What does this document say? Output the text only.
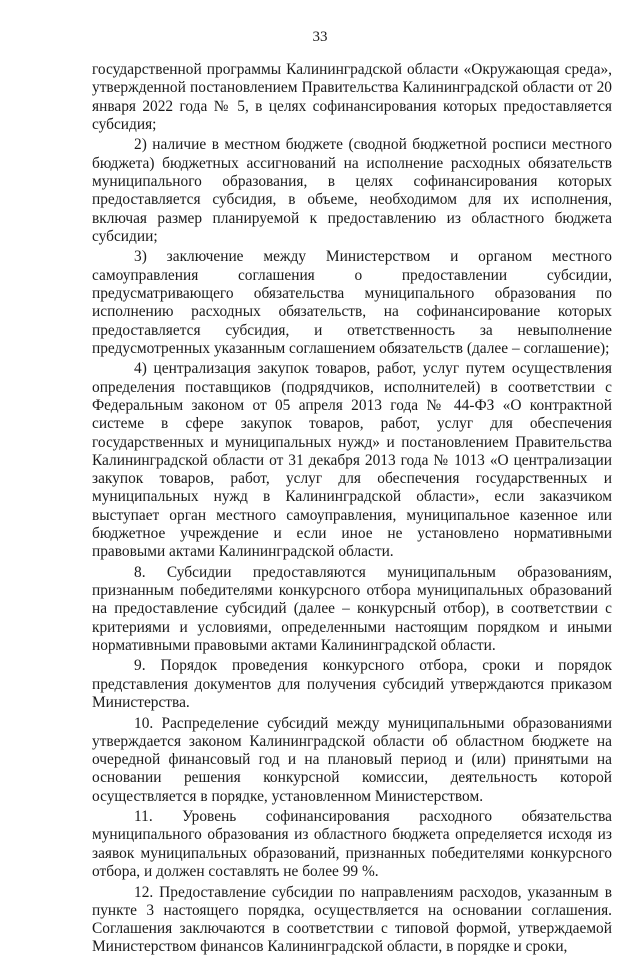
33

государственной программы Калининградской области «Окружающая среда», утвержденной постановлением Правительства Калининградской области от 20 января 2022 года № 5, в целях софинансирования которых предоставляется субсидия;

2) наличие в местном бюджете (сводной бюджетной росписи местного бюджета) бюджетных ассигнований на исполнение расходных обязательств муниципального образования, в целях софинансирования которых предоставляется субсидия, в объеме, необходимом для их исполнения, включая размер планируемой к предоставлению из областного бюджета субсидии;

3) заключение между Министерством и органом местного самоуправления соглашения о предоставлении субсидии, предусматривающего обязательства муниципального образования по исполнению расходных обязательств, на софинансирование которых предоставляется субсидия, и ответственность за невыполнение предусмотренных указанным соглашением обязательств (далее – соглашение);

4) централизация закупок товаров, работ, услуг путем осуществления определения поставщиков (подрядчиков, исполнителей) в соответствии с Федеральным законом от 05 апреля 2013 года № 44-ФЗ «О контрактной системе в сфере закупок товаров, работ, услуг для обеспечения государственных и муниципальных нужд» и постановлением Правительства Калининградской области от 31 декабря 2013 года № 1013 «О централизации закупок товаров, работ, услуг для обеспечения государственных и муниципальных нужд в Калининградской области», если заказчиком выступает орган местного самоуправления, муниципальное казенное или бюджетное учреждение и если иное не установлено нормативными правовыми актами Калининградской области.

8. Субсидии предоставляются муниципальным образованиям, признанным победителями конкурсного отбора муниципальных образований на предоставление субсидий (далее – конкурсный отбор), в соответствии с критериями и условиями, определенными настоящим порядком и иными нормативными правовыми актами Калининградской области.

9. Порядок проведения конкурсного отбора, сроки и порядок представления документов для получения субсидий утверждаются приказом Министерства.

10. Распределение субсидий между муниципальными образованиями утверждается законом Калининградской области об областном бюджете на очередной финансовый год и на плановый период и (или) принятыми на основании решения конкурсной комиссии, деятельность которой осуществляется в порядке, установленном Министерством.

11. Уровень софинансирования расходного обязательства муниципального образования из областного бюджета определяется исходя из заявок муниципальных образований, признанных победителями конкурсного отбора, и должен составлять не более 99 %.

12. Предоставление субсидии по направлениям расходов, указанным в пункте 3 настоящего порядка, осуществляется на основании соглашения. Соглашения заключаются в соответствии с типовой формой, утверждаемой Министерством финансов Калининградской области, в порядке и сроки,
